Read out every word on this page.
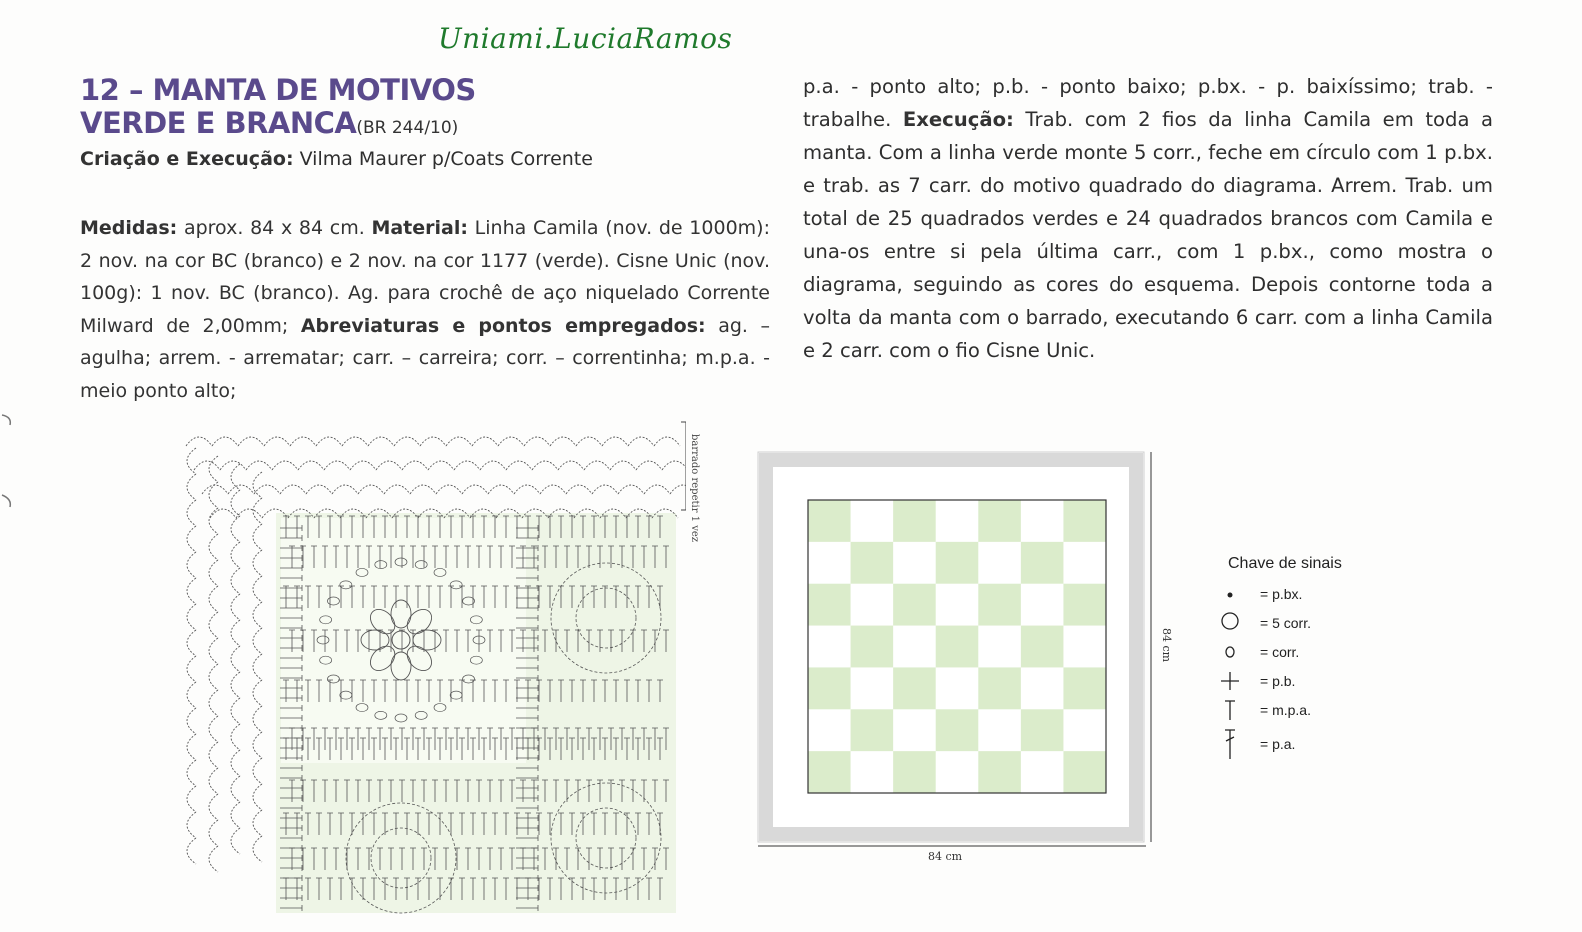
Uniami.LuciaRamos
12 – MANTA DE MOTIVOS
VERDE E BRANCA(BR 244/10)
Criação e Execução: Vilma Maurer p/Coats Corrente
Medidas: aprox. 84 x 84 cm. Material: Linha Camila (nov. de 1000m): 2 nov. na cor BC (branco) e 2 nov. na cor 1177 (verde). Cisne Unic (nov. 100g): 1 nov. BC (branco). Ag. para crochê de aço niquelado Corrente Milward de 2,00mm; Abreviaturas e pontos empregados: ag. – agulha; arrem. - arrematar; carr. – carreira; corr. – correntinha; m.p.a. - meio ponto alto;
p.a. - ponto alto; p.b. - ponto baixo; p.bx. - p. baixíssimo; trab. - trabalhe. Execução: Trab. com 2 fios da linha Camila em toda a manta. Com a linha verde monte 5 corr., feche em círculo com 1 p.bx. e trab. as 7 carr. do motivo quadrado do diagrama. Arrem. Trab. um total de 25 quadrados verdes e 24 quadrados brancos com Camila e una-os entre si pela última carr., com 1 p.bx., como mostra o diagrama, seguindo as cores do esquema. Depois contorne toda a volta da manta com o barrado, executando 6 carr. com a linha Camila e 2 carr. com o fio Cisne Unic.
barrado repetir 1 vez
84 cm
84 cm
Chave de sinais
= p.bx.
= 5 corr.
= corr.
= p.b.
= m.p.a.
= p.a.
